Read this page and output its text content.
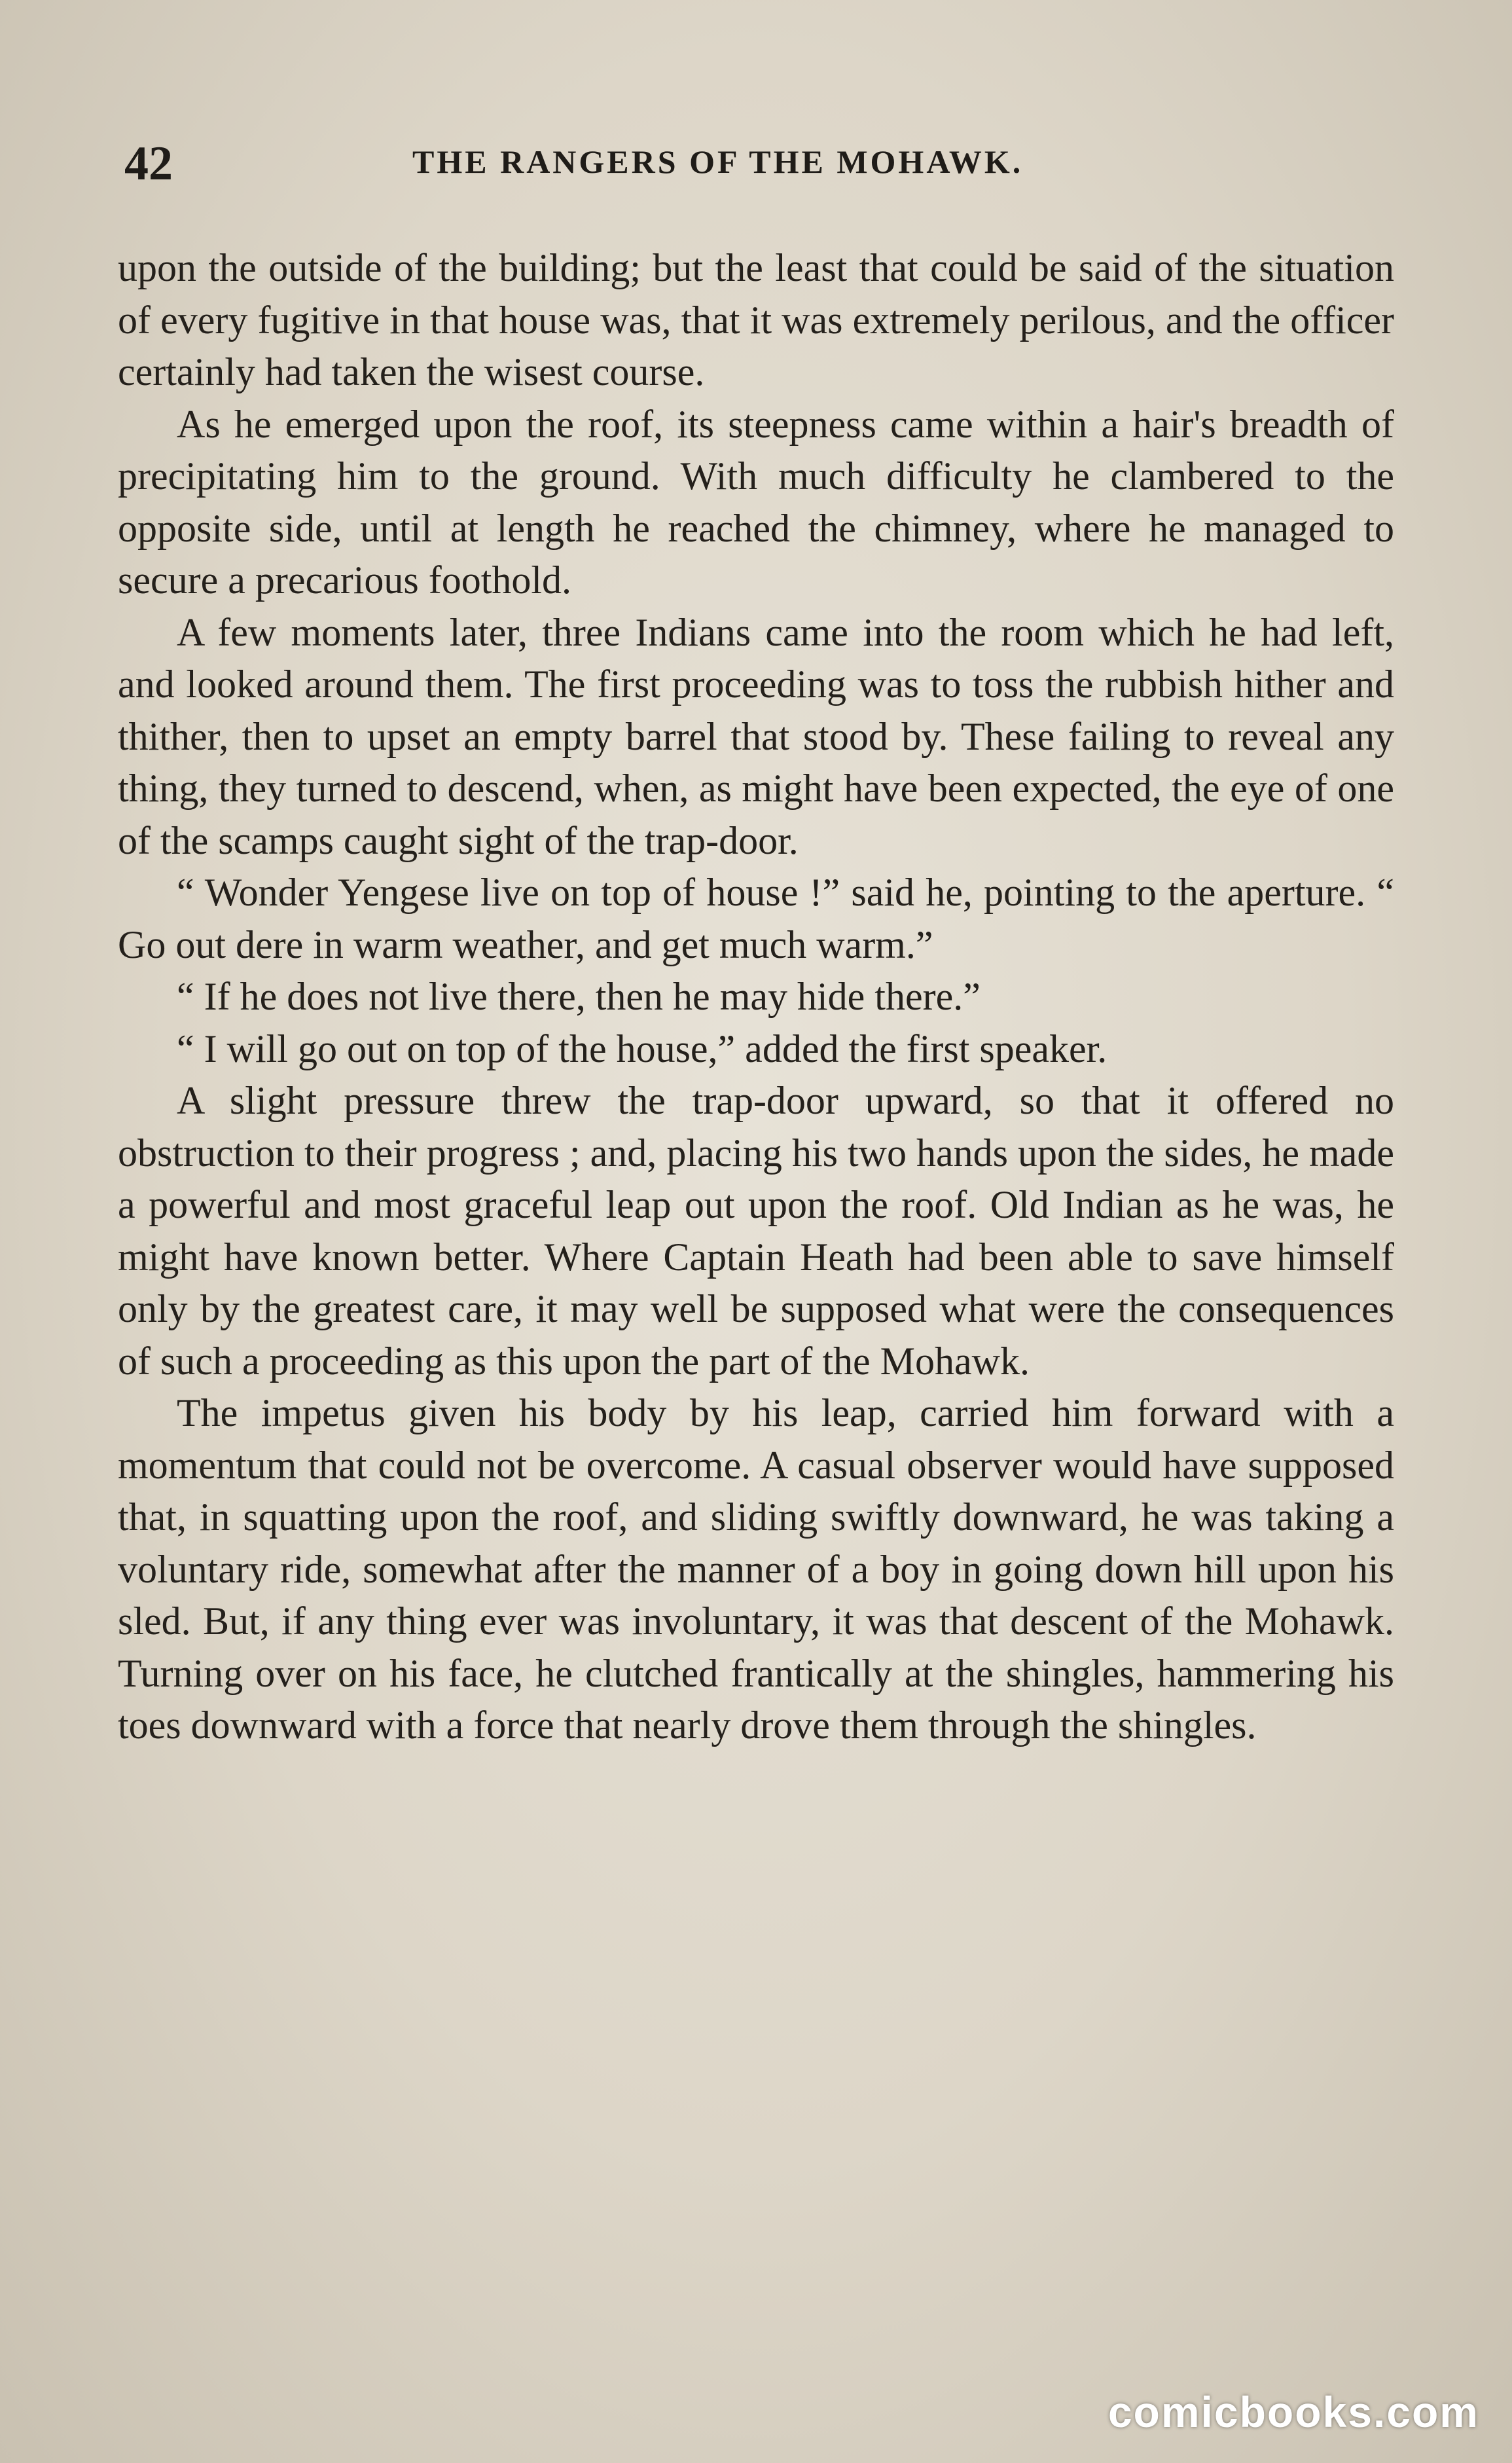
42	THE RANGERS OF THE MOHAWK.

upon the outside of the building; but the least that could be said of the situation of every fugitive in that house was, that it was extremely perilous, and the officer certainly had taken the wisest course.

As he emerged upon the roof, its steepness came within a hair's breadth of precipitating him to the ground. With much difficulty he clambered to the opposite side, until at length he reached the chimney, where he managed to secure a precarious foothold.

A few moments later, three Indians came into the room which he had left, and looked around them. The first proceeding was to toss the rubbish hither and thither, then to upset an empty barrel that stood by. These failing to reveal any thing, they turned to descend, when, as might have been expected, the eye of one of the scamps caught sight of the trap-door.

“ Wonder Yengese live on top of house !” said he, pointing to the aperture. “ Go out dere in warm weather, and get much warm.”

“ If he does not live there, then he may hide there.”

“ I will go out on top of the house,” added the first speaker.

A slight pressure threw the trap-door upward, so that it offered no obstruction to their progress ; and, placing his two hands upon the sides, he made a powerful and most graceful leap out upon the roof. Old Indian as he was, he might have known better. Where Captain Heath had been able to save himself only by the greatest care, it may well be supposed what were the consequences of such a proceeding as this upon the part of the Mohawk.

The impetus given his body by his leap, carried him forward with a momentum that could not be overcome. A casual observer would have supposed that, in squatting upon the roof, and sliding swiftly downward, he was taking a voluntary ride, somewhat after the manner of a boy in going down hill upon his sled. But, if any thing ever was involuntary, it was that descent of the Mohawk. Turning over on his face, he clutched frantically at the shingles, hammering his toes downward with a force that nearly drove them through the shingles.

comicbooks.com
